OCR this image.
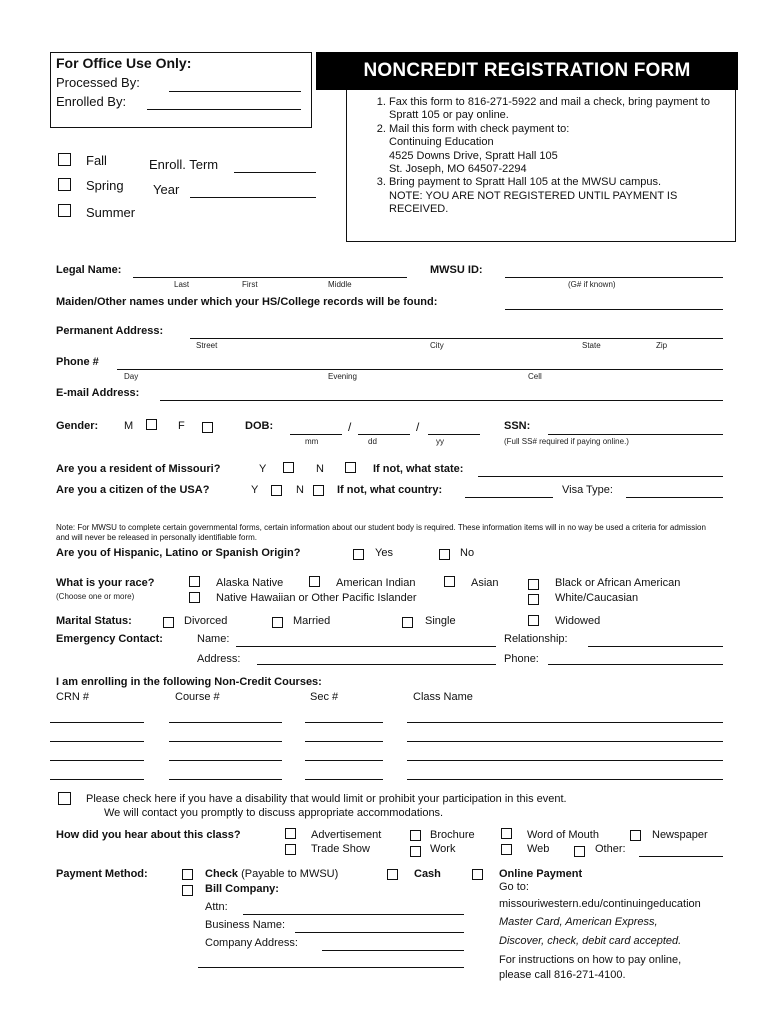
For Office Use Only:
Processed By:
Enrolled By:
1.	Fax this form to 816-271-5922 and mail a check, bring payment to Spratt 105 or pay online.
2. Mail this form with check payment to:
Continuing Education
4525 Downs Drive, Spratt Hall 105
St. Joseph, MO 64507-2294
3. Bring payment to Spratt Hall 105 at the MWSU campus.
NOTE: YOU ARE NOT REGISTERED UNTIL PAYMENT IS RECEIVED.
NONCREDIT REGISTRATION FORM
Fall
Spring
Summer
Enroll. Term
Year
Legal Name:
Last	First	Middle
MWSU ID:
(G# if known)
Maiden/Other names under which your HS/College records will be found:
Permanent Address:
Street	City	State	Zip
Phone #
Day	Evening	Cell
E-mail Address:
Gender: M	F	DOB:	/	/
mm	dd	yy
SSN:
(Full SS# required if paying online.)
Are you a resident of Missouri?	Y	N	If not, what state:
Are you a citizen of the USA?	Y	N	If not, what country:	Visa Type:
Note: For MWSU to complete certain governmental forms, certain information about our student body is required. These information items will in no way be used a criteria for admission and will never be released in personally identifiable form.
Are you of Hispanic, Latino or Spanish Origin?	Yes	No
What is your race?
(Choose one or more)
Alaska Native	American Indian	Asian	Black or African American
Native Hawaiian or Other Pacific Islander	White/Caucasian
Marital Status:	Divorced	Married	Single	Widowed
Emergency Contact:	Name:	Relationship:
Address:	Phone:
I am enrolling in the following Non-Credit Courses:
CRN #	Course #	Sec #	Class Name
Please check here if you have a disability that would limit or prohibit your participation in this event.
We will contact you promptly to discuss appropriate accommodations.
How did you hear about this class?	Advertisement
Trade Show
Brochure
Work
Word of Mouth
Web
Newspaper
Other:
Payment Method:	Check (Payable to MWSU)	Cash	Online Payment
Go to:
missouriwestern.edu/continuingeducation
Master Card, American Express,
Discover, check, debit card accepted.
For instructions on how to pay online,
please call 816-271-4100.
Bill Company:
Attn:
Business Name:
Company Address:
